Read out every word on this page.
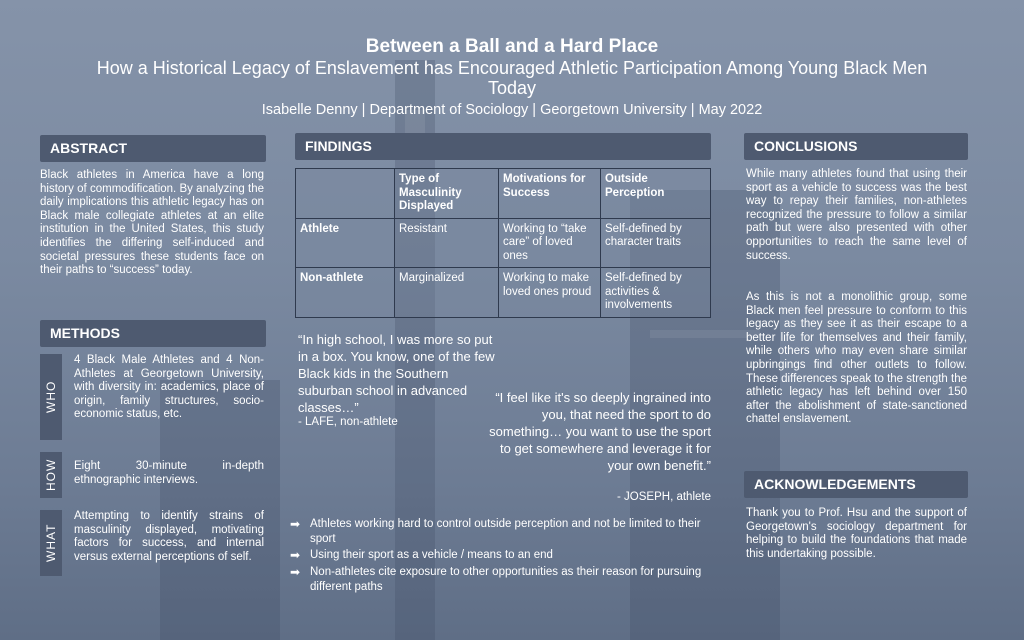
Between a Ball and a Hard Place
How a Historical Legacy of Enslavement has Encouraged Athletic Participation Among Young Black Men Today
Isabelle Denny | Department of Sociology | Georgetown University | May 2022
ABSTRACT
Black athletes in America have a long history of commodification. By analyzing the daily implications this athletic legacy has on Black male collegiate athletes at an elite institution in the United States, this study identifies the differing self-induced and societal pressures these students face on their paths to “success” today.
METHODS
WHO
4 Black Male Athletes and 4 Non-Athletes at Georgetown University, with diversity in: academics, place of origin, family structures, socio-economic status, etc.
HOW	Eight 30-minute in-depth ethnographic interviews.
WHAT
Attempting to identify strains of masculinity displayed, motivating factors for success, and internal versus external perceptions of self.
FINDINGS
	Type of Masculinity Displayed	Motivations for Success	Outside Perception
Athlete	Resistant	Working to “take care” of loved ones	Self-defined by character traits
Non-athlete	Marginalized	Working to make loved ones proud	Self-defined by activities & involvements
“In high school, I was more so put in a box. You know, one of the few Black kids in the Southern suburban school in advanced classes…”
- LAFE, non-athlete
“I feel like it's so deeply ingrained into you, that need the sport to do something… you want to use the sport to get somewhere and leverage it for your own benefit.”
- JOSEPH, athlete
➡ Athletes working hard to control outside perception and not be limited to their sport
➡ Using their sport as a vehicle / means to an end
➡ Non-athletes cite exposure to other opportunities as their reason for pursuing different paths
CONCLUSIONS
While many athletes found that using their sport as a vehicle to success was the best way to repay their families, non-athletes recognized the pressure to follow a similar path but were also presented with other opportunities to reach the same level of success.
As this is not a monolithic group, some Black men feel pressure to conform to this legacy as they see it as their escape to a better life for themselves and their family, while others who may even share similar upbringings find other outlets to follow. These differences speak to the strength the athletic legacy has left behind over 150 after the abolishment of state-sanctioned chattel enslavement.
ACKNOWLEDGEMENTS
Thank you to Prof. Hsu and the support of Georgetown's sociology department for helping to build the foundations that made this undertaking possible.
